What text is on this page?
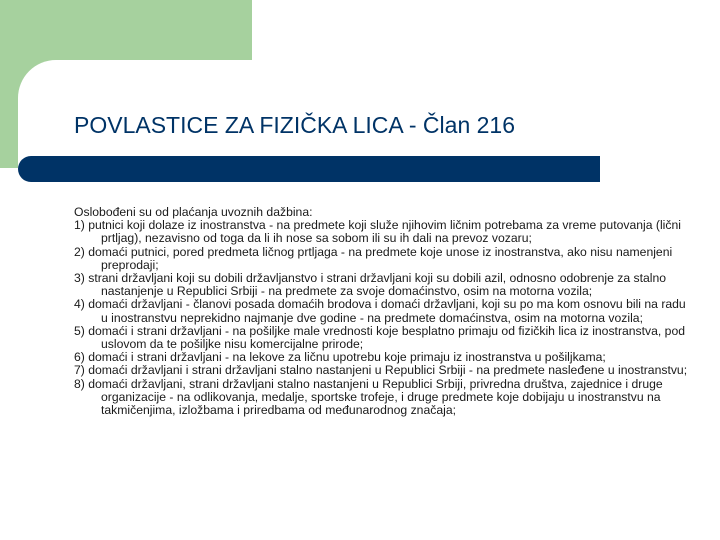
POVLASTICE ZA FIZIČKA LICA - Član 216

Oslobođeni su od plaćanja uvoznih dažbina:

1) putnici koji dolaze iz inostranstva - na predmete koji služe njihovim ličnim potrebama za vreme putovanja (lični prtljag), nezavisno od toga da li ih nose sa sobom ili su ih dali na prevoz vozaru;
2) domaći putnici, pored predmeta ličnog prtljaga - na predmete koje unose iz inostranstva, ako nisu namenjeni preprodaji;
3) strani državljani koji su dobili državljanstvo i strani državljani koji su dobili azil, odnosno odobrenje za stalno nastanjenje u Republici Srbiji - na predmete za svoje domaćinstvo, osim na motorna vozila;
4) domaći državljani - članovi posada domaćih brodova i domaći državljani, koji su po ma kom osnovu bili na radu u inostranstvu neprekidno najmanje dve godine - na predmete domaćinstva, osim na motorna vozila;
5) domaći i strani državljani - na pošiljke male vrednosti koje besplatno primaju od fizičkih lica iz inostranstva, pod uslovom da te pošiljke nisu komercijalne prirode;
6) domaći i strani državljani - na lekove za ličnu upotrebu koje primaju iz inostranstva u pošiljkama;
7) domaći državljani i strani državljani stalno nastanjeni u Republici Srbiji - na predmete nasleđene u inostranstvu;
8) domaći državljani, strani državljani stalno nastanjeni u Republici Srbiji, privredna društva, zajednice i druge organizacije - na odlikovanja, medalje, sportske trofeje, i druge predmete koje dobijaju u inostranstvu na takmičenjima, izložbama i priredbama od međunarodnog značaja;
